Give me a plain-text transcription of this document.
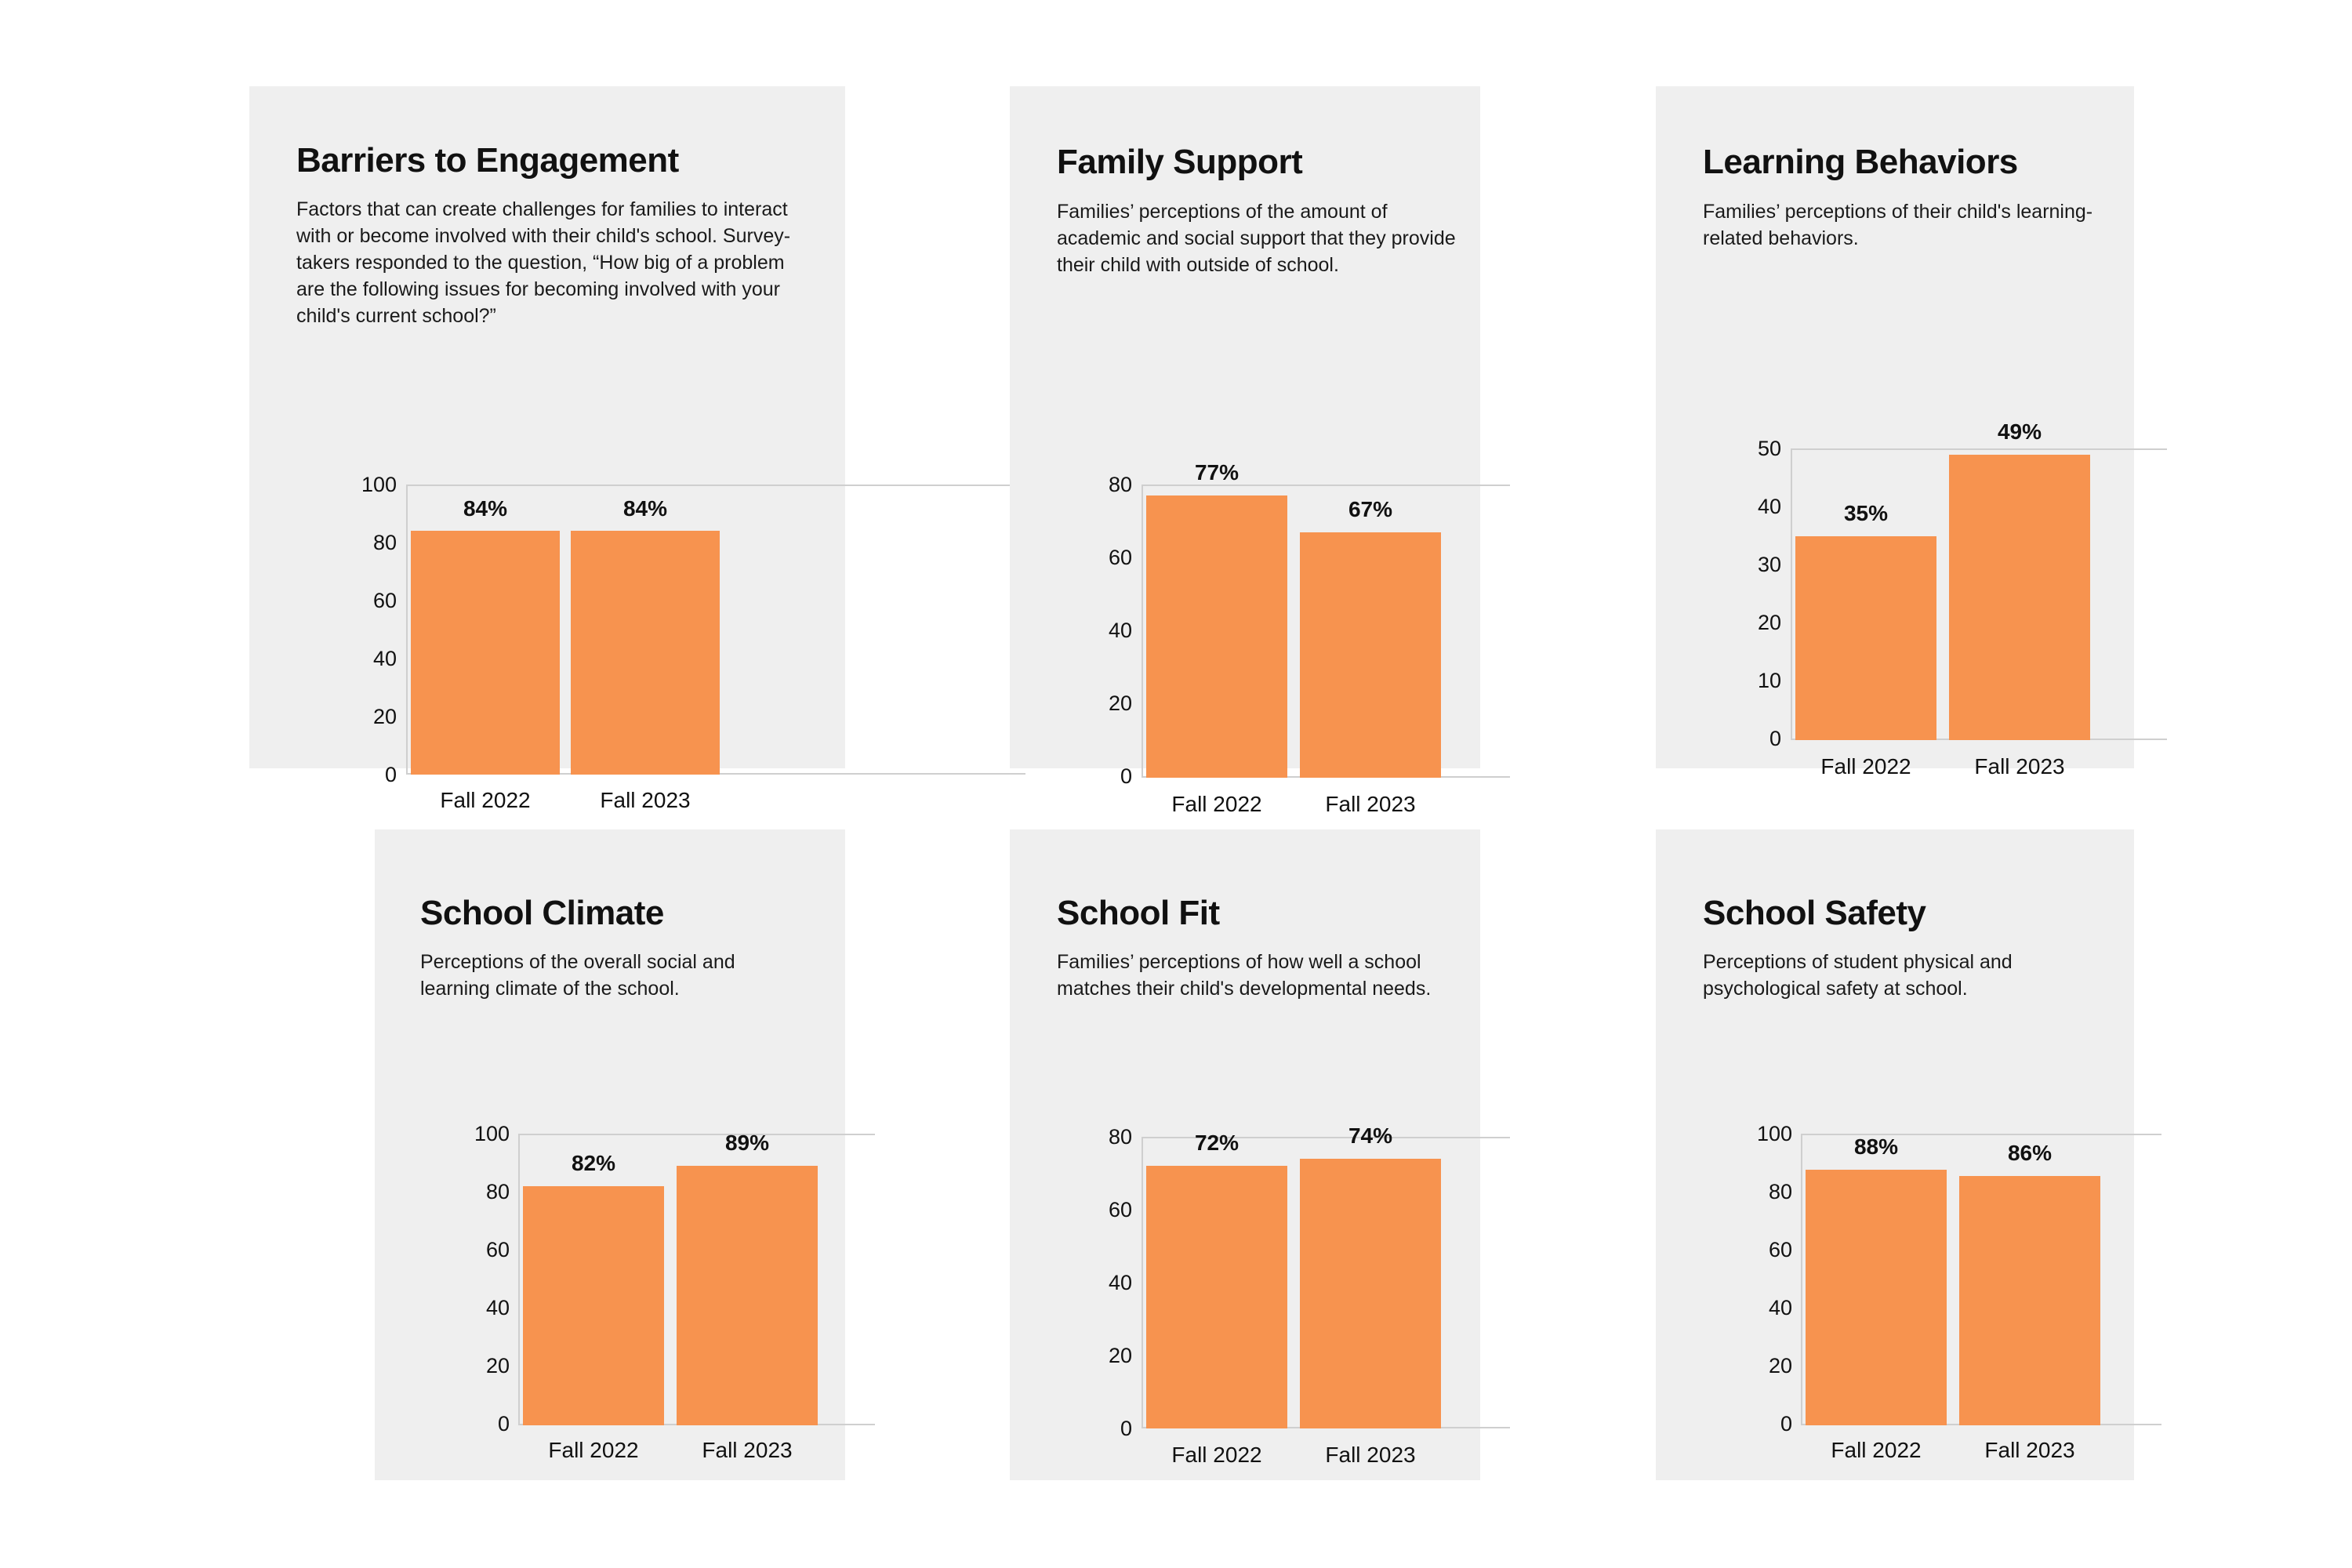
Barriers to Engagement
Factors that can create challenges for families to interact with or become involved with their child's school. Survey-takers responded to the question, “How big of a problem are the following issues for becoming involved with your child's current school?”
100
80
60
40
20
0
84%	84%
Fall 2022	Fall 2023
Family Support
Families’ perceptions of the amount of academic and social support that they provide their child with outside of school.
80
60
40
20
0
77%
67%
Fall 2022	Fall 2023
Learning Behaviors
Families’ perceptions of their child's learning-related behaviors.
50
40
30
20
10
0
35%
49%
Fall 2022	Fall 2023
School Climate
Perceptions of the overall social and learning climate of the school.
100
80
60
40
20
0
82%
89%
Fall 2022	Fall 2023
School Fit
Families’ perceptions of how well a school matches their child's developmental needs.
80
60
40
20
0
72%	74%
Fall 2022	Fall 2023
School Safety
Perceptions of student physical and psychological safety at school.
100
80
60
40
20
0
88%	86%
Fall 2022	Fall 2023
